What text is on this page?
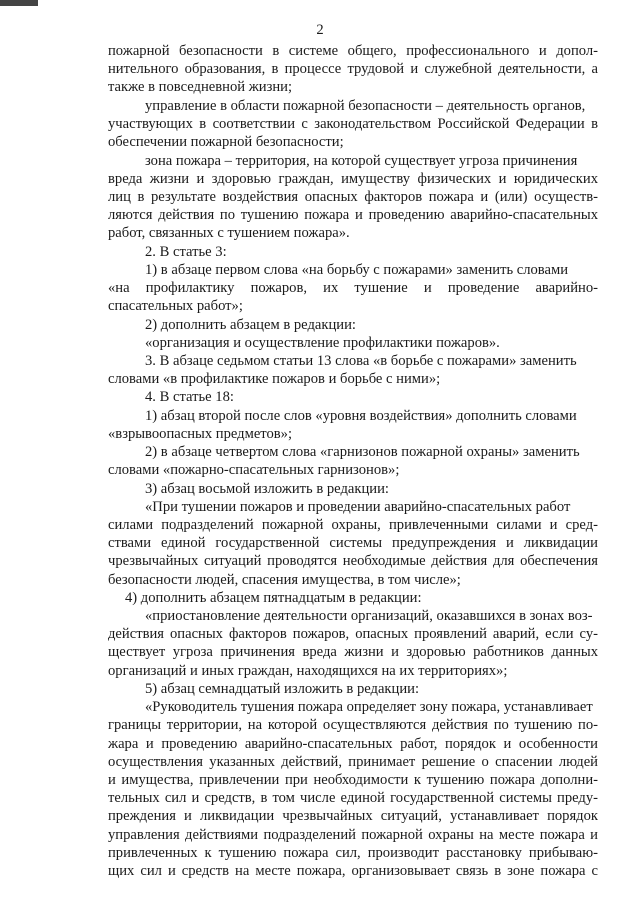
2
пожарной безопасности в системе общего, профессионального и допол-
нительного образования, в процессе трудовой и служебной деятельности, а
также в повседневной жизни;
управление в области пожарной безопасности – деятельность органов,
участвующих в соответствии с законодательством Российской Федерации в
обеспечении пожарной безопасности;
зона пожара – территория, на которой существует угроза причинения
вреда жизни и здоровью граждан, имуществу физических и юридических
лиц в результате воздействия опасных факторов пожара и (или) осуществ-
ляются действия по тушению пожара и проведению аварийно-спасательных
работ, связанных с тушением пожара».
2. В статье 3:
1) в абзаце первом слова «на борьбу с пожарами» заменить словами
«на профилактику пожаров, их тушение и проведение аварийно-
спасательных работ»;
2) дополнить абзацем в редакции:
«организация и осуществление профилактики пожаров».
3. В абзаце седьмом статьи 13 слова «в борьбе с пожарами» заменить
словами «в профилактике пожаров и борьбе с ними»;
4. В статье 18:
1) абзац второй после слов «уровня воздействия» дополнить словами
«взрывоопасных предметов»;
2) в абзаце четвертом слова «гарнизонов пожарной охраны» заменить
словами «пожарно-спасательных гарнизонов»;
3) абзац восьмой изложить в редакции:
«При тушении пожаров и проведении аварийно-спасательных работ
силами подразделений пожарной охраны, привлеченными силами и сред-
ствами единой государственной системы предупреждения и ликвидации
чрезвычайных ситуаций проводятся необходимые действия для обеспечения
безопасности людей, спасения имущества, в том числе»;
4) дополнить абзацем пятнадцатым в редакции:
«приостановление деятельности организаций, оказавшихся в зонах воз-
действия опасных факторов пожаров, опасных проявлений аварий, если су-
ществует угроза причинения вреда жизни и здоровью работников данных
организаций и иных граждан, находящихся на их территориях»;
5) абзац семнадцатый изложить в редакции:
«Руководитель тушения пожара определяет зону пожара, устанавливает
границы территории, на которой осуществляются действия по тушению по-
жара и проведению аварийно-спасательных работ, порядок и особенности
осуществления указанных действий, принимает решение о спасении людей
и имущества, привлечении при необходимости к тушению пожара дополни-
тельных сил и средств, в том числе единой государственной системы преду-
преждения и ликвидации чрезвычайных ситуаций, устанавливает порядок
управления действиями подразделений пожарной охраны на месте пожара и
привлеченных к тушению пожара сил, производит расстановку прибываю-
щих сил и средств на месте пожара, организовывает связь в зоне пожара с
